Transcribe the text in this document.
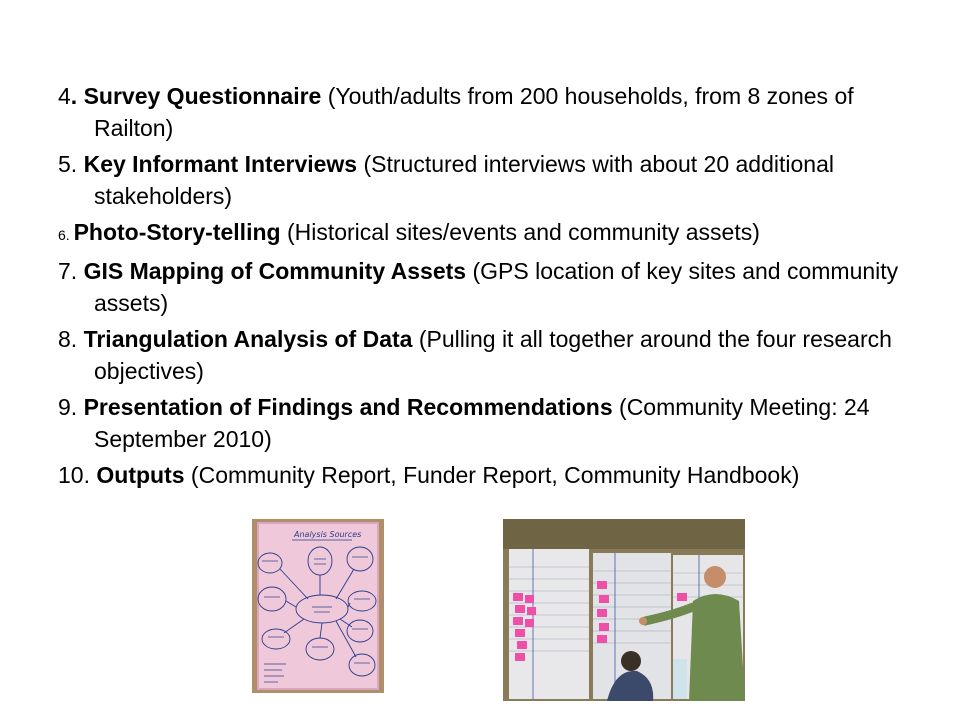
4. Survey Questionnaire (Youth/adults from 200 households, from 8 zones of Railton)
5. Key Informant Interviews (Structured interviews with about 20 additional stakeholders)
6. Photo-Story-telling (Historical sites/events and community assets)
7. GIS Mapping of Community Assets (GPS location of key sites and community assets)
8. Triangulation Analysis of Data (Pulling it all together around the four research objectives)
9. Presentation of Findings and Recommendations (Community Meeting: 24 September 2010)
10. Outputs (Community Report, Funder Report, Community Handbook)
Analysis Sources
